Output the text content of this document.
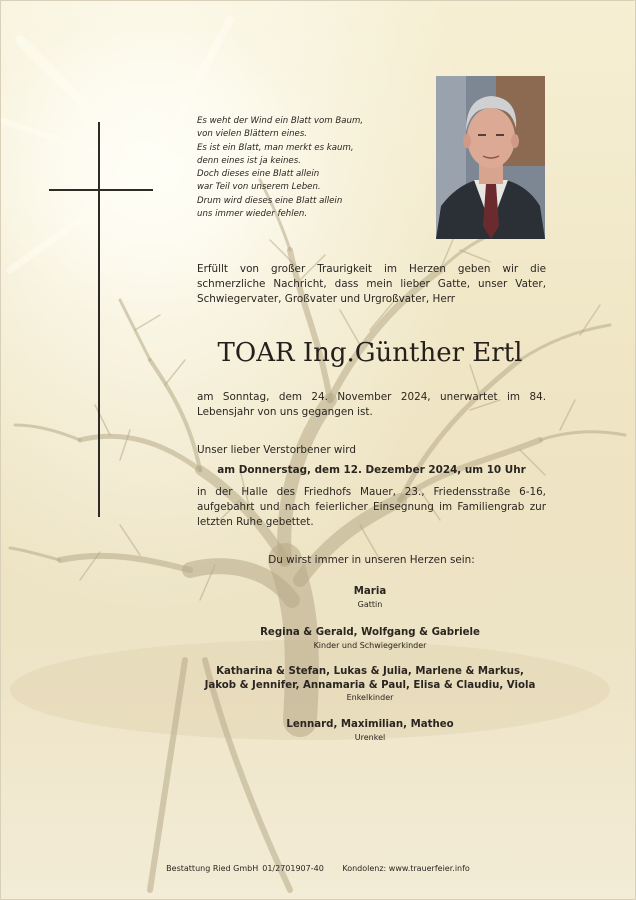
Es weht der Wind ein Blatt vom Baum,
von vielen Blättern eines.
Es ist ein Blatt, man merkt es kaum,
denn eines ist ja keines.
Doch dieses eine Blatt allein
war Teil von unserem Leben.
Drum wird dieses eine Blatt allein
uns immer wieder fehlen.
Erfüllt von großer Traurigkeit im Herzen geben wir die schmerzliche Nachricht, dass mein lieber Gatte, unser Vater, Schwiegervater, Großvater und Urgroßvater, Herr
TOAR Ing.Günther Ertl
am Sonntag, dem 24. November 2024, unerwartet im 84. Lebensjahr von uns gegangen ist.
Unser lieber Verstorbener wird
am Donnerstag, dem 12. Dezember 2024, um 10 Uhr
in der Halle des Friedhofs Mauer, 23., Friedensstraße 6-16, aufgebahrt und nach feierlicher Einsegnung im Familiengrab zur letzten Ruhe gebettet.
Du wirst immer in unseren Herzen sein:
Maria
Gattin
Regina & Gerald, Wolfgang & Gabriele
Kinder und Schwiegerkinder
Katharina & Stefan, Lukas & Julia, Marlene & Markus,
Jakob & Jennifer, Annamaria & Paul, Elisa & Claudiu, Viola
Enkelkinder
Lennard, Maximilian, Matheo
Urenkel
Bestattung Ried GmbH 01/2701907-40 Kondolenz: www.trauerfeier.info
